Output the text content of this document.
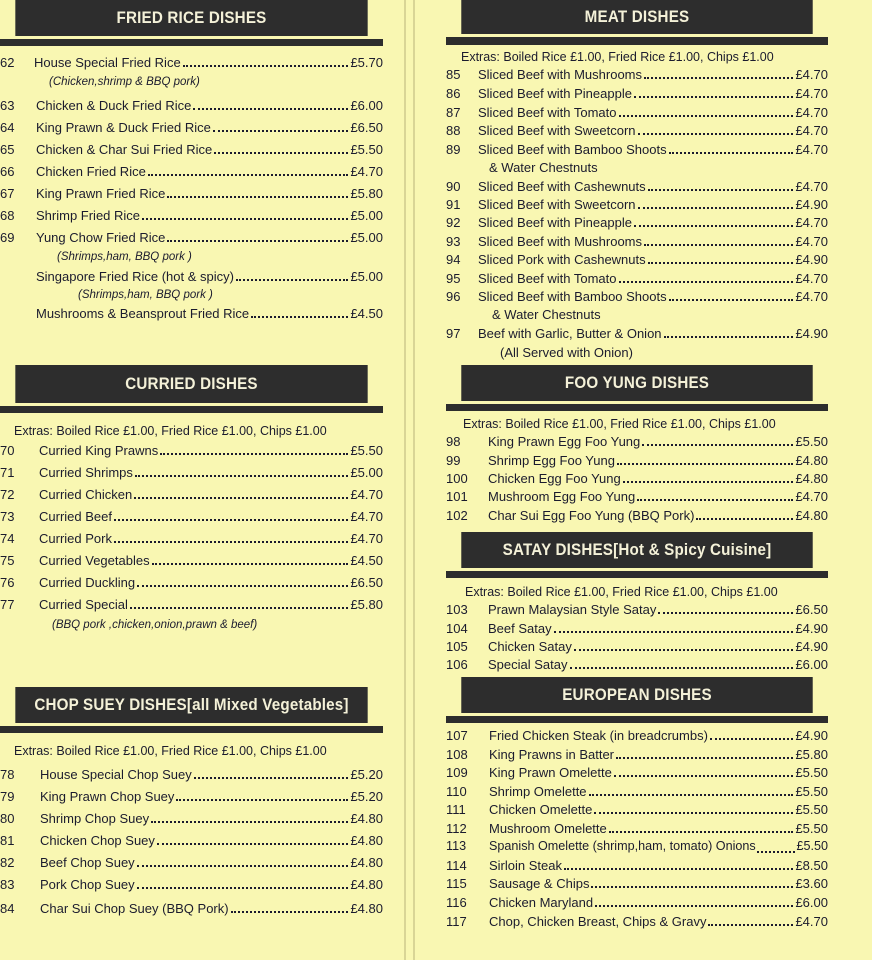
FRIED RICE DISHES
62	House Special Fried Rice	£5.70
(Chicken,shrimp & BBQ pork)
63	Chicken & Duck Fried Rice	£6.00
64	King Prawn & Duck Fried Rice	£6.50
65	Chicken & Char Sui Fried Rice	£5.50
66	Chicken Fried Rice	£4.70
67	King Prawn Fried Rice	£5.80
68	Shrimp Fried Rice	£5.00
69	Yung Chow Fried Rice	£5.00
(Shrimps,ham, BBQ pork )
Singapore Fried Rice (hot & spicy)	£5.00
(Shrimps,ham, BBQ pork )
Mushrooms & Beansprout Fried Rice	£4.50
CURRIED DISHES
Extras: Boiled Rice £1.00, Fried Rice £1.00, Chips £1.00
70	Curried King Prawns	£5.50
71	Curried Shrimps	£5.00
72	Curried Chicken	£4.70
73	Curried Beef	£4.70
74	Curried Pork	£4.70
75	Curried Vegetables	£4.50
76	Curried Duckling	£6.50
77	Curried Special	£5.80
(BBQ pork ,chicken,onion,prawn & beef)
CHOP SUEY DISHES[all Mixed Vegetables]
Extras: Boiled Rice £1.00, Fried Rice £1.00, Chips £1.00
78	House Special Chop Suey	£5.20
79	King Prawn Chop Suey	£5.20
80	Shrimp Chop Suey	£4.80
81	Chicken Chop Suey	£4.80
82	Beef Chop Suey	£4.80
83	Pork Chop Suey	£4.80
84	Char Sui Chop Suey (BBQ Pork)	£4.80
MEAT DISHES
Extras: Boiled Rice £1.00, Fried Rice £1.00, Chips £1.00
85	Sliced Beef with Mushrooms	£4.70
86	Sliced Beef with Pineapple	£4.70
87	Sliced Beef with Tomato	£4.70
88	Sliced Beef with Sweetcorn	£4.70
89	Sliced Beef with Bamboo Shoots	£4.70
& Water Chestnuts
90	Sliced Beef with Cashewnuts	£4.70
91	Sliced Beef with Sweetcorn	£4.90
92	Sliced Beef with Pineapple	£4.70
93	Sliced Beef with Mushrooms	£4.70
94	Sliced Pork with Cashewnuts	£4.90
95	Sliced Beef with Tomato	£4.70
96	Sliced Beef with Bamboo Shoots	£4.70
& Water Chestnuts
97	Beef with Garlic, Butter & Onion	£4.90
(All Served with Onion)
FOO YUNG DISHES
Extras: Boiled Rice £1.00, Fried Rice £1.00, Chips £1.00
98	King Prawn Egg Foo Yung	£5.50
99	Shrimp Egg Foo Yung	£4.80
100	Chicken Egg Foo Yung	£4.80
101	Mushroom Egg Foo Yung	£4.70
102	Char Sui Egg Foo Yung (BBQ Pork)	£4.80
SATAY DISHES[Hot & Spicy Cuisine]
Extras: Boiled Rice £1.00, Fried Rice £1.00, Chips £1.00
103	Prawn Malaysian Style Satay	£6.50
104	Beef Satay	£4.90
105	Chicken Satay	£4.90
106	Special Satay	£6.00
EUROPEAN DISHES
107	Fried Chicken Steak (in breadcrumbs)	£4.90
108	King Prawns in Batter	£5.80
109	King Prawn Omelette	£5.50
110	Shrimp Omelette	£5.50
111	Chicken Omelette	£5.50
112	Mushroom Omelette	£5.50
113	Spanish Omelette (shrimp,ham, tomato) Onions	£5.50
114	Sirloin Steak	£8.50
115	Sausage & Chips	£3.60
116	Chicken Maryland	£6.00
117	Chop, Chicken Breast, Chips & Gravy	£4.70
